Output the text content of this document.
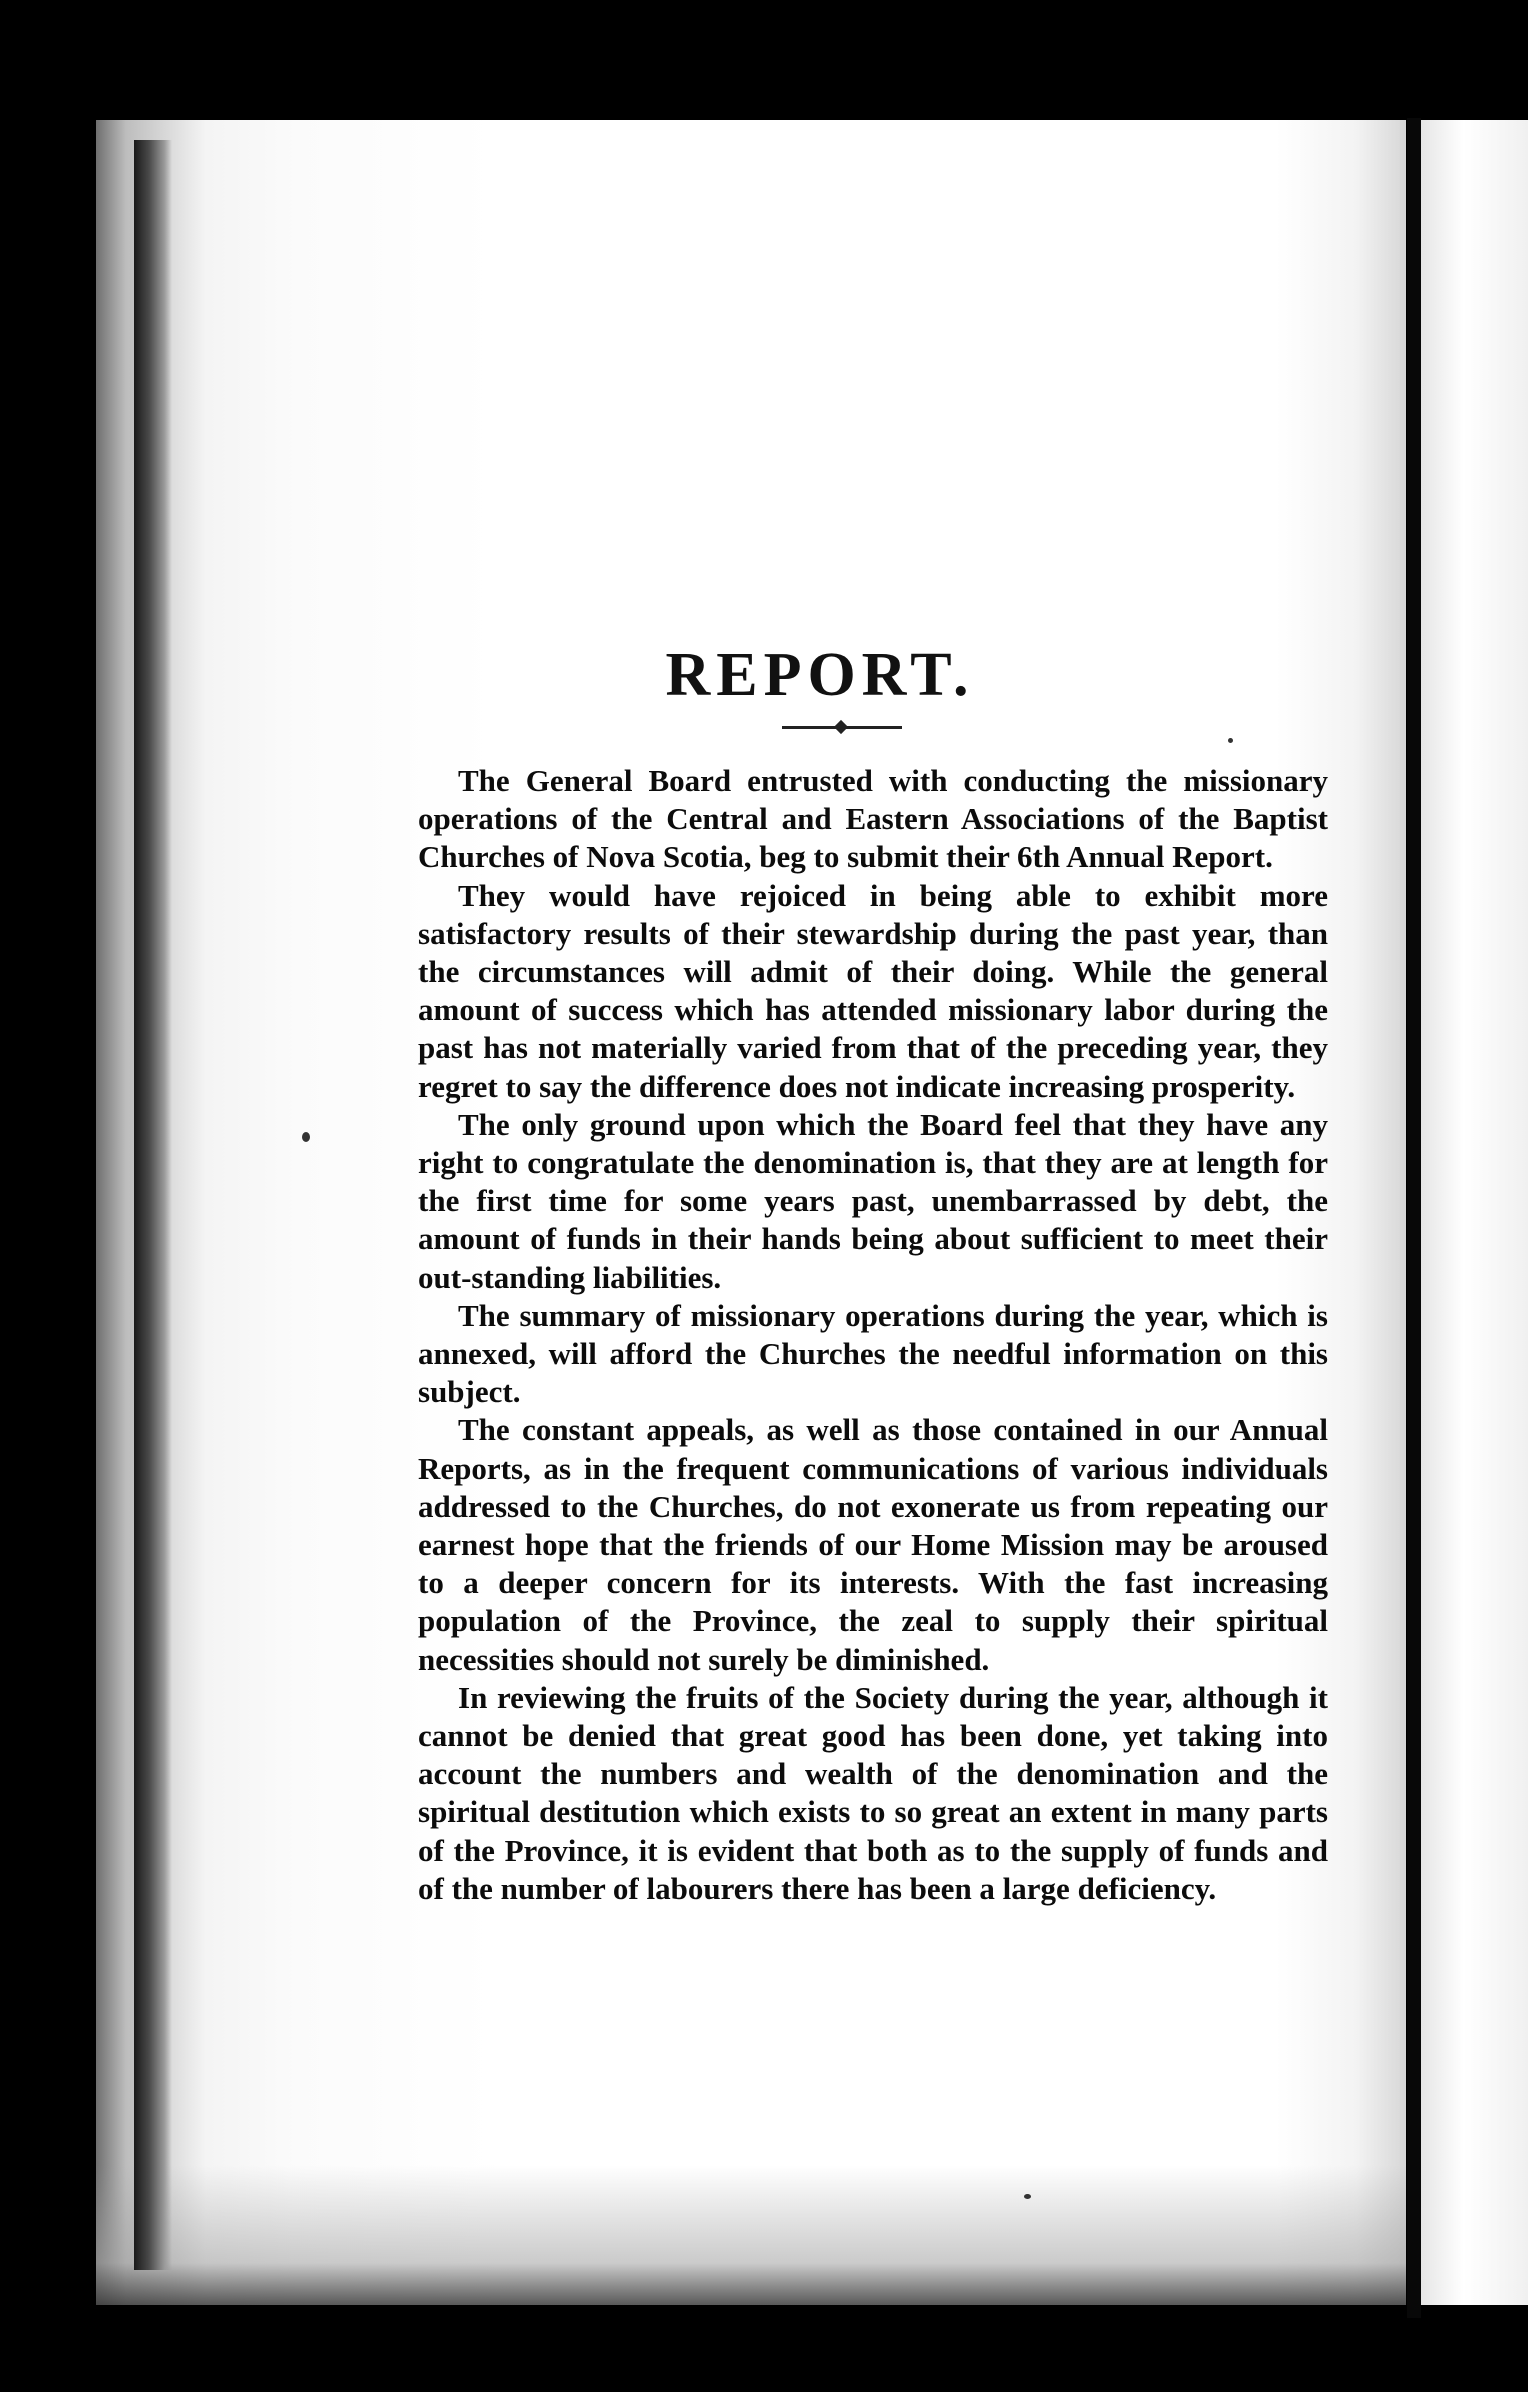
REPORT.

The General Board entrusted with conducting the missionary operations of the Central and Eastern Associations of the Baptist Churches of Nova Scotia, beg to submit their 6th Annual Report.

They would have rejoiced in being able to exhibit more satisfactory results of their stewardship during the past year, than the circumstances will admit of their doing. While the general amount of success which has attended missionary labor during the past has not materially varied from that of the preceding year, they regret to say the difference does not indicate increasing prosperity.

The only ground upon which the Board feel that they have any right to congratulate the denomination is, that they are at length for the first time for some years past, unembarrassed by debt, the amount of funds in their hands being about sufficient to meet their out-standing liabilities.

The summary of missionary operations during the year, which is annexed, will afford the Churches the needful information on this subject.

The constant appeals, as well as those contained in our Annual Reports, as in the frequent communications of various individuals addressed to the Churches, do not exonerate us from repeating our earnest hope that the friends of our Home Mission may be aroused to a deeper concern for its interests. With the fast increasing population of the Province, the zeal to supply their spiritual necessities should not surely be diminished.

In reviewing the fruits of the Society during the year, although it cannot be denied that great good has been done, yet taking into account the numbers and wealth of the denomination and the spiritual destitution which exists to so great an extent in many parts of the Province, it is evident that both as to the supply of funds and of the number of labourers there has been a large deficiency.
